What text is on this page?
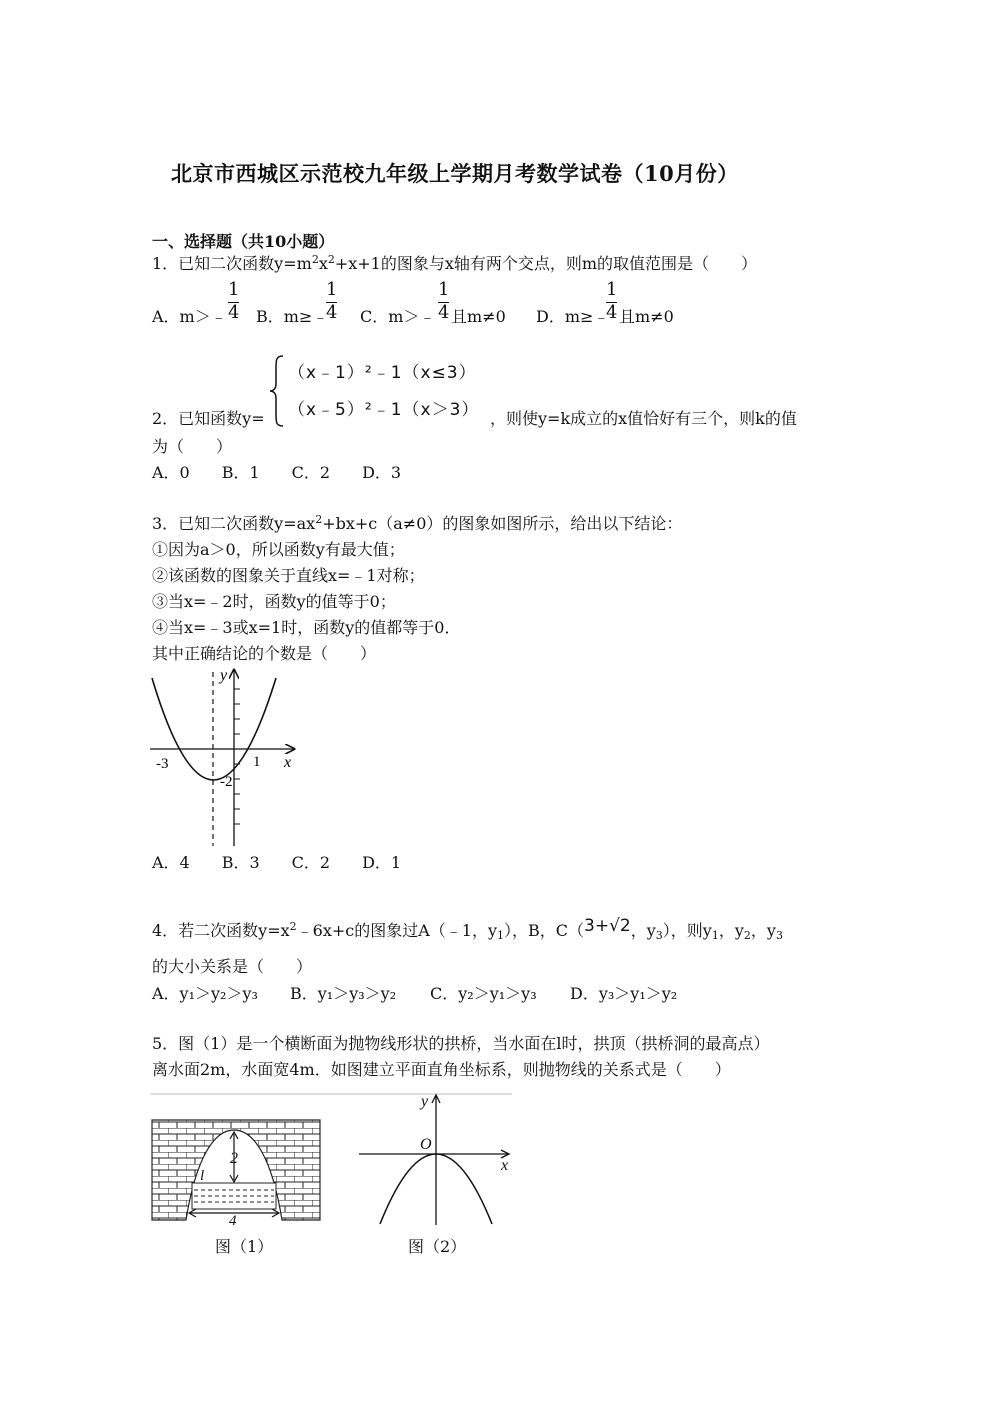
北京市西城区示范校九年级上学期月考数学试卷（10月份）
一、选择题（共10小题）
1．已知二次函数$y=m^2x^2+x+1$的图象与x轴有两个交点，则m的取值范围是（　　）
A．m＞﹣
1
4 B．m≥﹣
1
4 C．m＞﹣
1
4 且m≠0 D．m≥﹣
1
4 且m≠0
2．已知函数y=
（x﹣1）²﹣1（x≤3）
（x﹣5）²﹣1（x＞3） ，则使y=k成立的x值恰好有三个，则k的值
为（　　）
A．0　　B．1　　C．2　　D．3
3．已知二次函数$y=ax^2+bx+c(a\ne 0)$的图象如图所示，给出以下结论：
①因为a＞0，所以函数y有最大值；
②该函数的图象关于直线x=﹣1对称；
③当x=﹣2时，函数y的值等于0；
④当x=﹣3或x=1时，函数y的值都等于0．
其中正确结论的个数是（　　）
y
x
-3	1
-2
A．4　　B．3　　C．2　　D．1
4．若二次函数$y=x^2﹣6x+c$的图象过A（﹣1，$y_1$），B，C（3+√2，$y_3$），则$y_1$，$y_2$，$y_3$
的大小关系是（　　）
A．y₁＞y₂＞y₃ B．y₁＞y₃＞y₂ C．y₂＞y₁＞y₃ D．y₃＞y₁＞y₂
5．图（1）是一个横断面为抛物线形状的拱桥，当水面在l时，拱顶（拱桥洞的最高点）
离水面2m，水面宽4m．如图建立平面直角坐标系，则抛物线的关系式是（　　）
2
l
4
y
x
O
图（1）	图（2）
